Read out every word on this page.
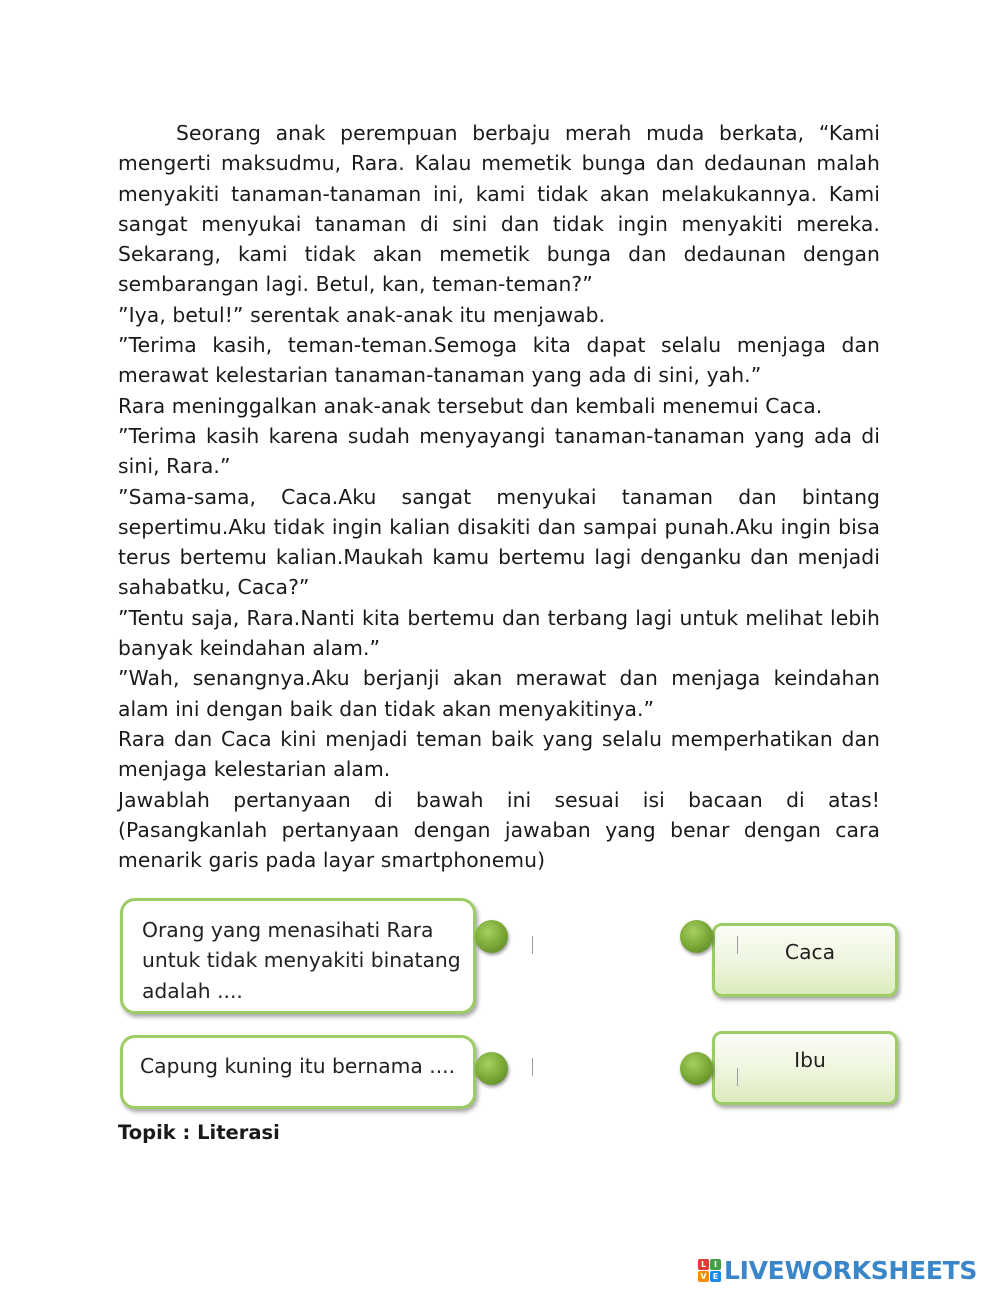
Seorang anak perempuan berbaju merah muda berkata, “Kami mengerti maksudmu, Rara. Kalau memetik bunga dan dedaunan malah menyakiti tanaman-tanaman ini, kami tidak akan melakukannya. Kami sangat menyukai tanaman di sini dan tidak ingin menyakiti mereka. Sekarang, kami tidak akan memetik bunga dan dedaunan dengan sembarangan lagi. Betul, kan, teman-teman?”

”Iya, betul!” serentak anak-anak itu menjawab.

”Terima kasih, teman-teman.Semoga kita dapat selalu menjaga dan merawat kelestarian tanaman-tanaman yang ada di sini, yah.”

Rara meninggalkan anak-anak tersebut dan kembali menemui Caca.

”Terima kasih karena sudah menyayangi tanaman-tanaman yang ada di sini, Rara.”

”Sama-sama, Caca.Aku sangat menyukai tanaman dan bintang sepertimu.Aku tidak ingin kalian disakiti dan sampai punah.Aku ingin bisa terus bertemu kalian.Maukah kamu bertemu lagi denganku dan menjadi sahabatku, Caca?”

”Tentu saja, Rara.Nanti kita bertemu dan terbang lagi untuk melihat lebih banyak keindahan alam.”

”Wah, senangnya.Aku berjanji akan merawat dan menjaga keindahan alam ini dengan baik dan tidak akan menyakitinya.”

Rara dan Caca kini menjadi teman baik yang selalu memperhatikan dan menjaga kelestarian alam.

Jawablah pertanyaan di bawah ini sesuai isi bacaan di atas! (Pasangkanlah pertanyaan dengan jawaban yang benar dengan cara menarik garis pada layar smartphonemu)

Orang yang menasihati Rara untuk tidak menyakiti binatang adalah ....
Capung kuning itu bernama ....
Caca
Ibu
Topik : Literasi
L I
V E LIVEWORKSHEETS
